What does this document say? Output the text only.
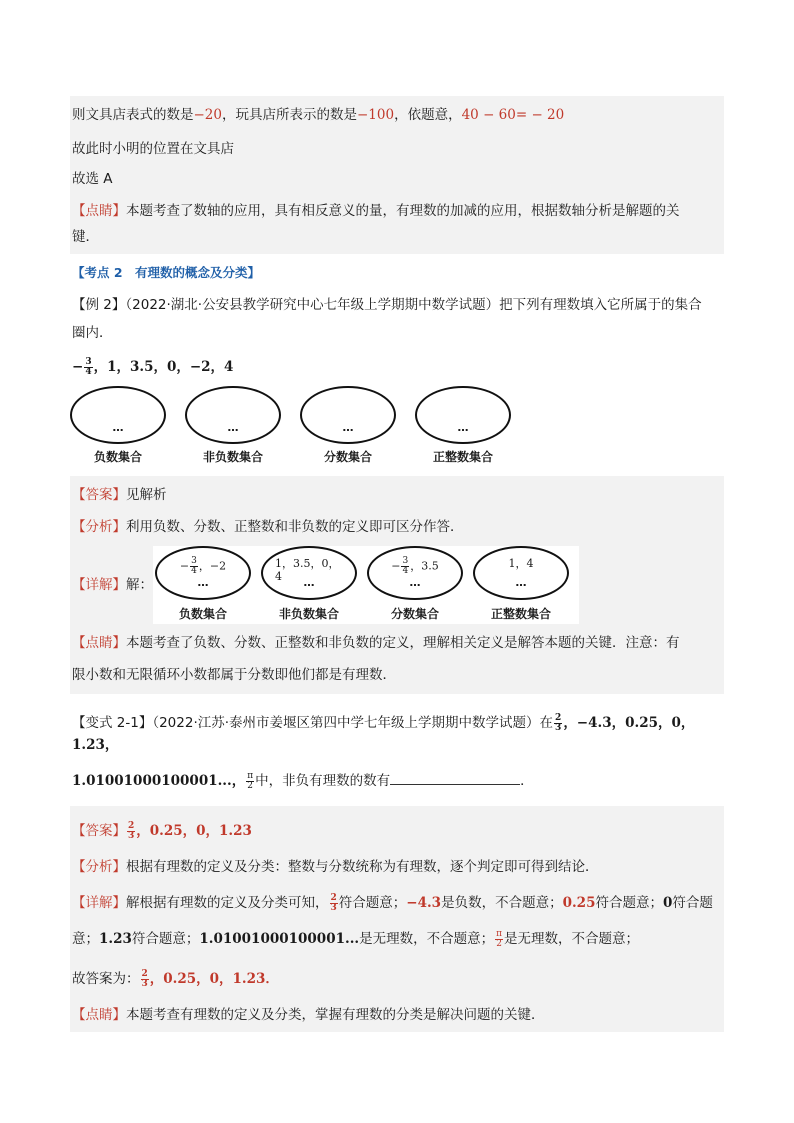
则文具店表式的数是−20，玩具店所表示的数是−100，依题意，40 − 60= − 20
故此时小明的位置在文具店
故选 A
【点睛】本题考查了数轴的应用，具有相反意义的量，有理数的加减的应用，根据数轴分析是解题的关
键．
【考点 2　有理数的概念及分类】
【例 2】（2022·湖北·公安县教学研究中心七年级上学期期中数学试题）把下列有理数填入它所属于的集合
圈内．
− $\frac{3}{4}$ ，1，3.5，0，−2，4
…
负数集合
…
非负数集合
…
分数集合
…
正整数集合
【答案】见解析
【分析】利用负数、分数、正整数和非负数的定义即可区分作答．
【详解】解：
− $\frac{3}{4}$ ，−2
…
负数集合
1，3.5，0，
4	…
非负数集合
− $\frac{3}{4}$ ，3.5
…
分数集合
1，4
…
正整数集合
【点睛】本题考查了负数、分数、正整数和非负数的定义，理解相关定义是解答本题的关键．注意：有
限小数和无限循环小数都属于分数即他们都是有理数．
【变式 2-1】（2022·江苏·泰州市姜堰区第四中学七年级上学期期中数学试题）在 $\frac{2}{3}$ ，−4.3，0.25，0，1.23，
1.01001000100001...， $\frac{\pi}{2}$ 中，非负有理数的数有	．
【答案】 $\frac{2}{3}$ ，0.25，0，1.23
【分析】根据有理数的定义及分类：整数与分数统称为有理数，逐个判定即可得到结论．
【详解】解根据有理数的定义及分类可知， $\frac{2}{3}$ 符合题意；−4.3是负数，不合题意；0.25符合题意；0符合题
意；1.23符合题意；1.01001000100001...是无理数，不合题意； $\frac{\pi}{2}$ 是无理数，不合题意；
故答案为： $\frac{2}{3}$ ，0.25，0，1.23．
【点睛】本题考查有理数的定义及分类，掌握有理数的分类是解决问题的关键．
